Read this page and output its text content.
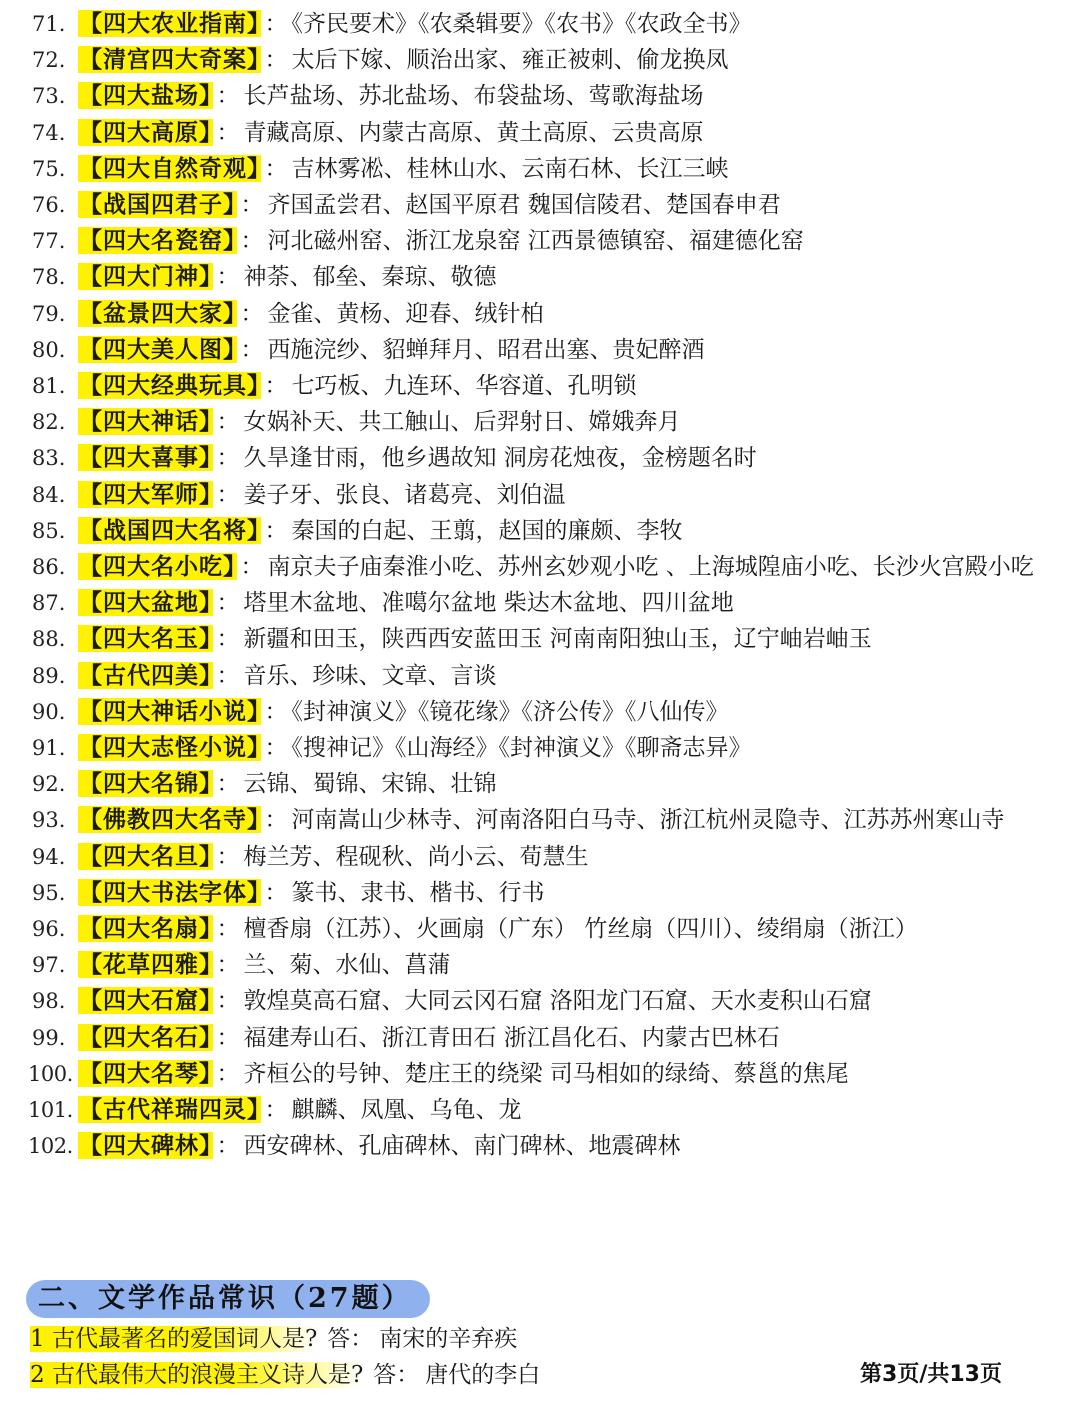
71. 【四大农业指南】 ： 《齐民要术》《农桑辑要》《农书》《农政全书》
72. 【清宫四大奇案】 ： 太后下嫁、顺治出家、雍正被刺、偷龙换凤
73. 【四大盐场】 ： 长芦盐场、苏北盐场、布袋盐场、莺歌海盐场
74. 【四大高原】 ： 青藏高原、内蒙古高原、黄土高原、云贵高原
75. 【四大自然奇观】 ： 吉林雾凇、桂林山水、云南石林、长江三峡
76. 【战国四君子】 ： 齐国孟尝君、赵国平原君 魏国信陵君、楚国春申君
77. 【四大名瓷窑】 ： 河北磁州窑、浙江龙泉窑 江西景德镇窑、福建德化窑
78. 【四大门神】 ： 神荼、郁垒、秦琼、敬德
79. 【盆景四大家】 ： 金雀、黄杨、迎春、绒针柏
80. 【四大美人图】 ： 西施浣纱、貂蝉拜月、昭君出塞、贵妃醉酒
81. 【四大经典玩具】 ： 七巧板、九连环、华容道、孔明锁
82. 【四大神话】 ： 女娲补天、共工触山、后羿射日、嫦娥奔月
83. 【四大喜事】 ： 久旱逢甘雨，他乡遇故知 洞房花烛夜，金榜题名时
84. 【四大军师】 ： 姜子牙、张良、诸葛亮、刘伯温
85. 【战国四大名将】 ： 秦国的白起、王翦，赵国的廉颇、李牧
86. 【四大名小吃】 ： 南京夫子庙秦淮小吃、苏州玄妙观小吃 、上海城隍庙小吃、长沙火宫殿小吃
87. 【四大盆地】 ： 塔里木盆地、准噶尔盆地 柴达木盆地、四川盆地
88. 【四大名玉】 ： 新疆和田玉，陕西西安蓝田玉 河南南阳独山玉，辽宁岫岩岫玉
89. 【古代四美】 ： 音乐、珍味、文章、言谈
90. 【四大神话小说】 ： 《封神演义》《镜花缘》《济公传》《八仙传》
91. 【四大志怪小说】 ： 《搜神记》《山海经》《封神演义》《聊斋志异》
92. 【四大名锦】 ： 云锦、蜀锦、宋锦、壮锦
93. 【佛教四大名寺】 ： 河南嵩山少林寺、河南洛阳白马寺、浙江杭州灵隐寺、江苏苏州寒山寺
94. 【四大名旦】 ： 梅兰芳、程砚秋、尚小云、荀慧生
95. 【四大书法字体】 ： 篆书、隶书、楷书、行书
96. 【四大名扇】 ： 檀香扇（江苏）、火画扇（广东） 竹丝扇（四川）、绫绢扇（浙江）
97. 【花草四雅】 ： 兰、菊、水仙、菖蒲
98. 【四大石窟】 ： 敦煌莫高石窟、大同云冈石窟 洛阳龙门石窟、天水麦积山石窟
99. 【四大名石】 ： 福建寿山石、浙江青田石 浙江昌化石、内蒙古巴林石
100. 【四大名琴】 ： 齐桓公的号钟、楚庄王的绕梁 司马相如的绿绮、蔡邕的焦尾
101. 【古代祥瑞四灵】 ： 麒麟、凤凰、乌龟、龙
102. 【四大碑林】 ： 西安碑林、孔庙碑林、南门碑林、地震碑林
二、文学作品常识（27题）
1 古代最著名的爱国词人是? 答： 南宋的辛弃疾
2 古代最伟大的浪漫主义诗人是? 答： 唐代的李白	第3页/共13页
